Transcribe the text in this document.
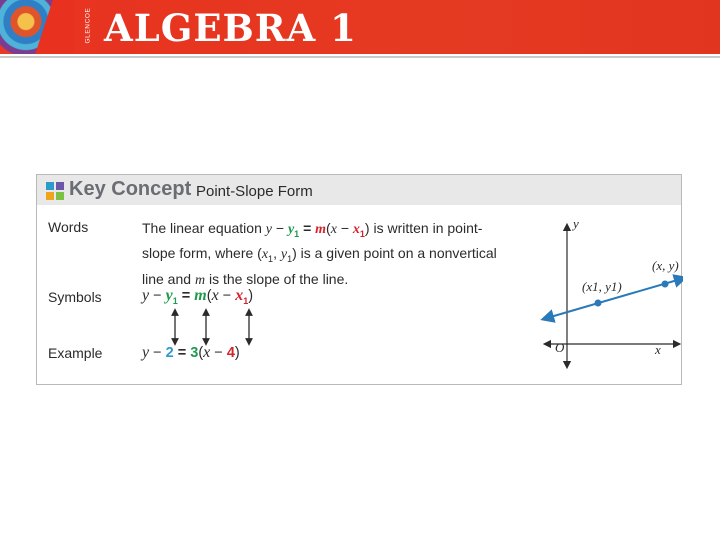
GLENCOE ALGEBRA 1
Key Concept Point-Slope Form
Words	The linear equation $y - y_1 = m(x - x_1)$ is written in point-slope form, where ($x_1$, $y_1$) is a given point on a nonvertical line and m is the slope of the line.
Symbols	$y - y_1 = m(x - x_1)$
Example y − 2 = 3(x − 4)
y
x
O
(x1, y1)
(x, y)
